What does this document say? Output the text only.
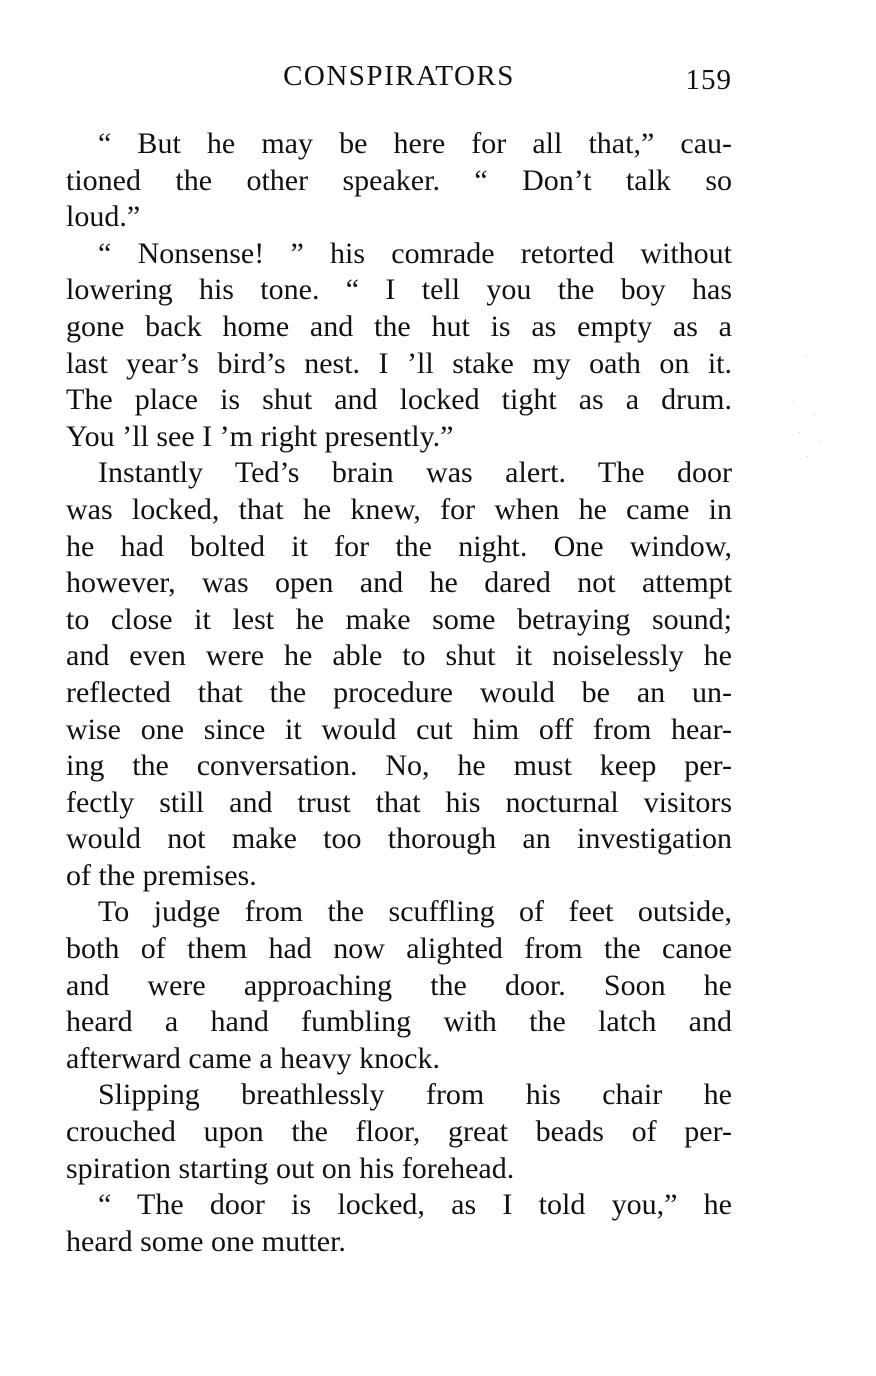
CONSPIRATORS	159
“ But he may be here for all that,” cau-
tioned the other speaker. “ Don’t talk so
loud.”
“ Nonsense! ” his comrade retorted without
lowering his tone. “ I tell you the boy has
gone back home and the hut is as empty as a
last year’s bird’s nest. I ’ll stake my oath on it.
The place is shut and locked tight as a drum.
You ’ll see I ’m right presently.”
Instantly Ted’s brain was alert. The door
was locked, that he knew, for when he came in
he had bolted it for the night. One window,
however, was open and he dared not attempt
to close it lest he make some betraying sound;
and even were he able to shut it noiselessly he
reflected that the procedure would be an un-
wise one since it would cut him off from hear-
ing the conversation. No, he must keep per-
fectly still and trust that his nocturnal visitors
would not make too thorough an investigation
of the premises.
To judge from the scuffling of feet outside,
both of them had now alighted from the canoe
and were approaching the door. Soon he
heard a hand fumbling with the latch and
afterward came a heavy knock.
Slipping breathlessly from his chair he
crouched upon the floor, great beads of per-
spiration starting out on his forehead.
“ The door is locked, as I told you,” he
heard some one mutter.
·
·
·
·
·
·
